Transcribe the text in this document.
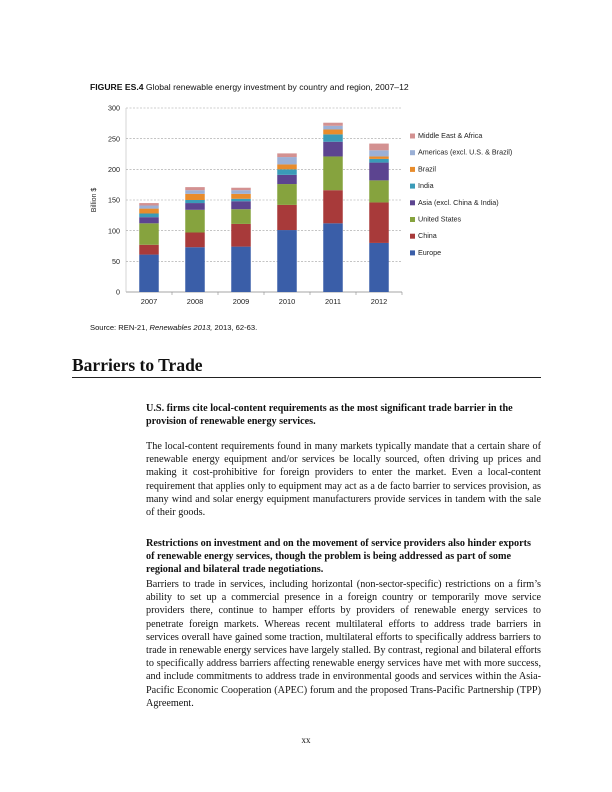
FIGURE ES.4 Global renewable energy investment by country and region, 2007–12
0
50
100
150
200
250
300
Billion $
2007	2008	2009	2010	2011	2012
Middle East & Africa
Americas (excl. U.S. & Brazil)
Brazil
India
Asia (excl. China & India)
United States
China
Europe
Source: REN-21, Renewables 2013, 2013, 62-63.
Barriers to Trade
U.S. firms cite local-content requirements as the most significant trade barrier in the provision of renewable energy services.
The local-content requirements found in many markets typically mandate that a certain share of renewable energy equipment and/or services be locally sourced, often driving up prices and making it cost-prohibitive for foreign providers to enter the market. Even a local-content requirement that applies only to equipment may act as a de facto barrier to services provision, as many wind and solar energy equipment manufacturers provide services in tandem with the sale of their goods.
Restrictions on investment and on the movement of service providers also hinder exports of renewable energy services, though the problem is being addressed as part of some regional and bilateral trade negotiations.
Barriers to trade in services, including horizontal (non-sector-specific) restrictions on a firm’s ability to set up a commercial presence in a foreign country or temporarily move service providers there, continue to hamper efforts by providers of renewable energy services to penetrate foreign markets. Whereas recent multilateral efforts to address trade barriers in services overall have gained some traction, multilateral efforts to specifically address barriers to trade in renewable energy services have largely stalled. By contrast, regional and bilateral efforts to specifically address barriers affecting renewable energy services have met with more success, and include commitments to address trade in environmental goods and services within the Asia-Pacific Economic Cooperation (APEC) forum and the proposed Trans-Pacific Partnership (TPP) Agreement.
xx
